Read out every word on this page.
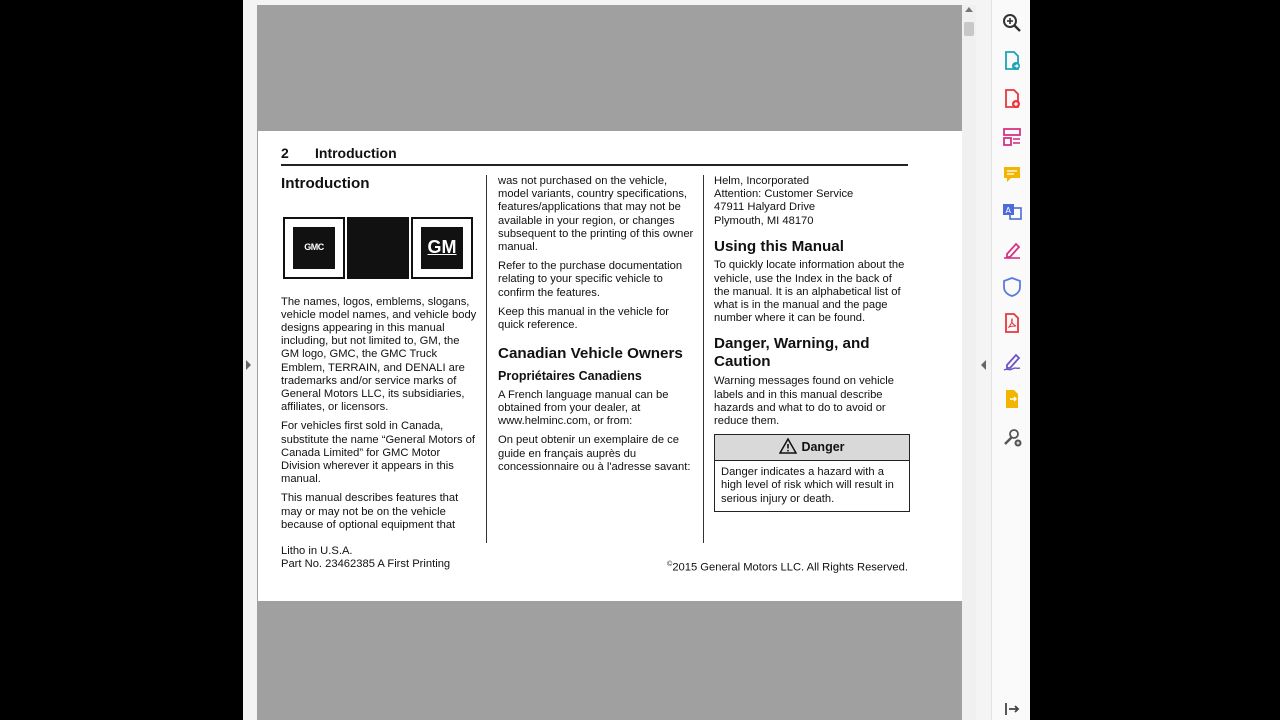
A
2 Introduction
Introduction
GMC	GM

The names, logos, emblems, slogans, vehicle model names, and vehicle body designs appearing in this manual including, but not limited to, GM, the GM logo, GMC, the GMC Truck Emblem, TERRAIN, and DENALI are trademarks and/or service marks of General Motors LLC, its subsidiaries, affiliates, or licensors.

For vehicles first sold in Canada, substitute the name “General Motors of Canada Limited” for GMC Motor Division wherever it appears in this manual.

This manual describes features that may or may not be on the vehicle because of optional equipment that

was not purchased on the vehicle, model variants, country specifications, features/applications that may not be available in your region, or changes subsequent to the printing of this owner manual.

Refer to the purchase documentation relating to your specific vehicle to confirm the features.

Keep this manual in the vehicle for quick reference.

Canadian Vehicle Owners
Propriétaires Canadiens

A French language manual can be obtained from your dealer, at www.helminc.com, or from:

On peut obtenir un exemplaire de ce guide en français auprès du concessionnaire ou à l'adresse savant:

Helm, Incorporated
Attention: Customer Service
47911 Halyard Drive
Plymouth, MI 48170
Using this Manual

To quickly locate information about the vehicle, use the Index in the back of the manual. It is an alphabetical list of what is in the manual and the page number where it can be found.

Danger, Warning, and Caution

Warning messages found on vehicle labels and in this manual describe hazards and what to do to avoid or reduce them.

Danger
Danger indicates a hazard with a high level of risk which will result in serious injury or death.
Litho in U.S.A.
Part No. 23462385 A First Printing	©2015 General Motors LLC. All Rights Reserved.
